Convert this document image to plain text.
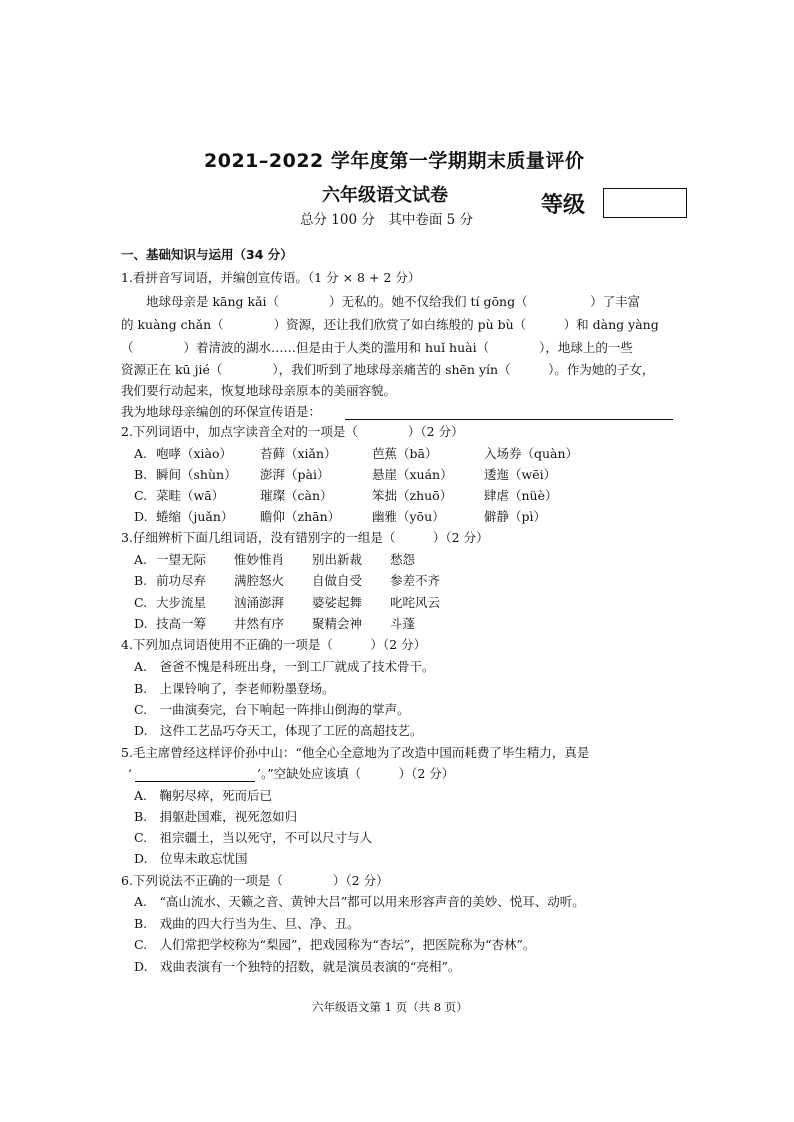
2021–2022 学年度第一学期期末质量评价
六年级语文试卷
总分 100 分　其中卷面 5 分
等级
一、基础知识与运用（34 分）
1.看拼音写词语，并编创宣传语。（1 分 × 8 + 2 分）
　　地球母亲是 kāng kǎi（　　　　）无私的。她不仅给我们 tí gōng（　　　　　）了丰富
的 kuàng chǎn（　　　　）资源，还让我们欣赏了如白练般的 pù bù（　　　）和 dàng yàng
（　　　　）着清波的湖水……但是由于人类的滥用和 huǐ huài（　　　　），地球上的一些
资源正在 kū jié（　　　　），我们听到了地球母亲痛苦的 shēn yín（　　　）。作为她的子女，
我们要行动起来，恢复地球母亲原本的美丽容貌。
我为地球母亲编创的环保宣传语是：
2.下列词语中，加点字读音全对的一项是（　　　　）（2 分）
A. 咆哮（xiào） 苔藓（xiǎn）	芭蕉（bā）	入场券（quàn）
B. 瞬间（shùn） 澎湃（pài）	悬崖（xuán）	逶迤（wēi）
C. 菜畦（wā）	璀璨（càn）	笨拙（zhuō）	肆虐（nüè）
D. 蜷缩（juǎn） 瞻仰（zhān）	幽雅（yōu）	僻静（pì）
3.仔细辨析下面几组词语，没有错别字的一组是（　　　）（2 分）
A. 一望无际 惟妙惟肖 别出新裁 愁怨
B. 前功尽弃 满腔怒火 自做自受 参差不齐
C. 大步流星 汹涌澎湃 婆娑起舞 叱咤风云
D. 技高一筹 井然有序 聚精会神 斗蓬
4.下列加点词语使用不正确的一项是（　　　）（2 分）
A.　爸爸不愧是科班出身，一到工厂就成了技术骨干。
B.　上课铃响了，李老师粉墨登场。
C.　一曲演奏完，台下响起一阵排山倒海的掌声。
D.　这件工艺品巧夺天工，体现了工匠的高超技艺。
5.毛主席曾经这样评价孙中山：“他全心全意地为了改造中国而耗费了毕生精力，真是
‘	’。”空缺处应该填（　　　）（2 分）
A.　鞠躬尽瘁，死而后已
B.　捐躯赴国难，视死忽如归
C.　祖宗疆土，当以死守，不可以尺寸与人
D.　位卑未敢忘忧国
6.下列说法不正确的一项是（　　　　）（2 分）
A.　“高山流水、天籁之音、黄钟大吕”都可以用来形容声音的美妙、悦耳、动听。
B.　戏曲的四大行当为生、旦、净、丑。
C.　人们常把学校称为“梨园”，把戏园称为“杏坛”，把医院称为“杏林”。
D.　戏曲表演有一个独特的招数，就是演员表演的“亮相”。
六年级语文第 1 页（共 8 页）
